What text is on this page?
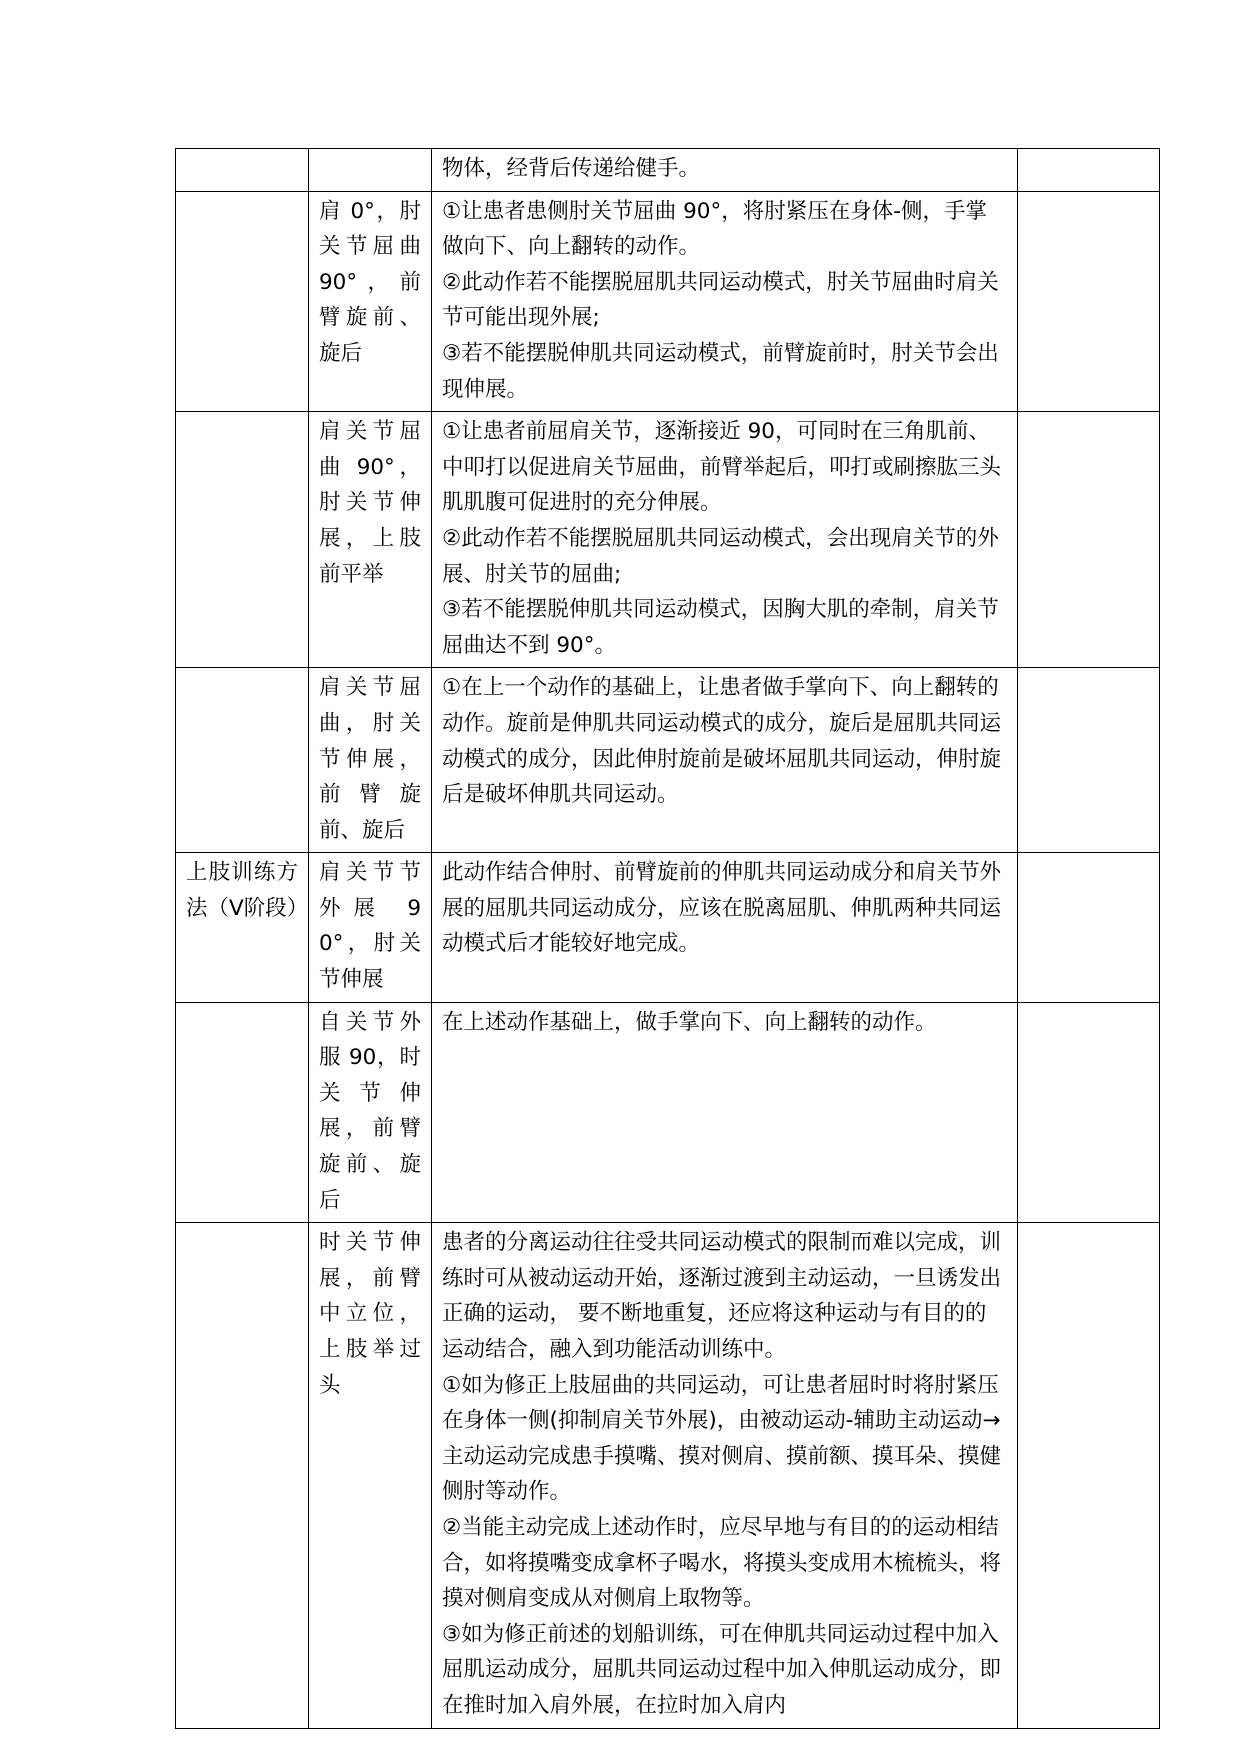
		物体，经背后传递给健手。	

	肩 0°，肘关节屈曲 90°，前臂旋前、旋后	①让患者患侧肘关节屈曲 90°，将肘紧压在身体-侧，手掌做向下、向上翻转的动作。

②此动作若不能摆脱屈肌共同运动模式，肘关节屈曲时肩关节可能出现外展;

③若不能摆脱伸肌共同运动模式，前臂旋前时，肘关节会出现伸展。	

	肩关节屈曲 90°，肘关节伸展，上肢前平举	①让患者前屈肩关节，逐渐接近 90，可同时在三角肌前、中叩打以促进肩关节屈曲，前臂举起后，叩打或刷擦肱三头肌肌腹可促进肘的充分伸展。

②此动作若不能摆脱屈肌共同运动模式，会出现肩关节的外展、肘关节的屈曲;

③若不能摆脱伸肌共同运动模式，因胸大肌的牵制，肩关节屈曲达不到 90°。	

	肩关节屈曲，肘关节伸展，前臂旋前、旋后	①在上一个动作的基础上，让患者做手掌向下、向上翻转的动作。旋前是伸肌共同运动模式的成分，旋后是屈肌共同运动模式的成分，因此伸肘旋前是破坏屈肌共同运动，伸肘旋后是破坏伸肌共同运动。	

上肢训练方法（Ⅴ阶段）	肩关节节外展 90°，肘关节伸展	此动作结合伸肘、前臂旋前的伸肌共同运动成分和肩关节外展的屈肌共同运动成分，应该在脱离屈肌、伸肌两种共同运动模式后才能较好地完成。	

	自关节外服 90，时关节伸展，前臂旋前、旋后	在上述动作基础上，做手掌向下、向上翻转的动作。	

	时关节伸展，前臂中立位，上肢举过头	患者的分离运动往往受共同运动模式的限制而难以完成，训练时可从被动运动开始，逐渐过渡到主动运动，一旦诱发出正确的运动， 要不断地重复，还应将这种运动与有目的的运动结合，融入到功能活动训练中。

①如为修正上肢屈曲的共同运动，可让患者屈时时将肘紧压在身体一侧(抑制肩关节外展)，由被动运动-辅助主动运动→主动运动完成患手摸嘴、摸对侧肩、摸前额、摸耳朵、摸健侧肘等动作。

②当能主动完成上述动作时，应尽早地与有目的的运动相结合，如将摸嘴变成拿杯子喝水，将摸头变成用木梳梳头，将摸对侧肩变成从对侧肩上取物等。

③如为修正前述的划船训练，可在伸肌共同运动过程中加入屈肌运动成分，屈肌共同运动过程中加入伸肌运动成分，即在推时加入肩外展，在拉时加入肩内	
